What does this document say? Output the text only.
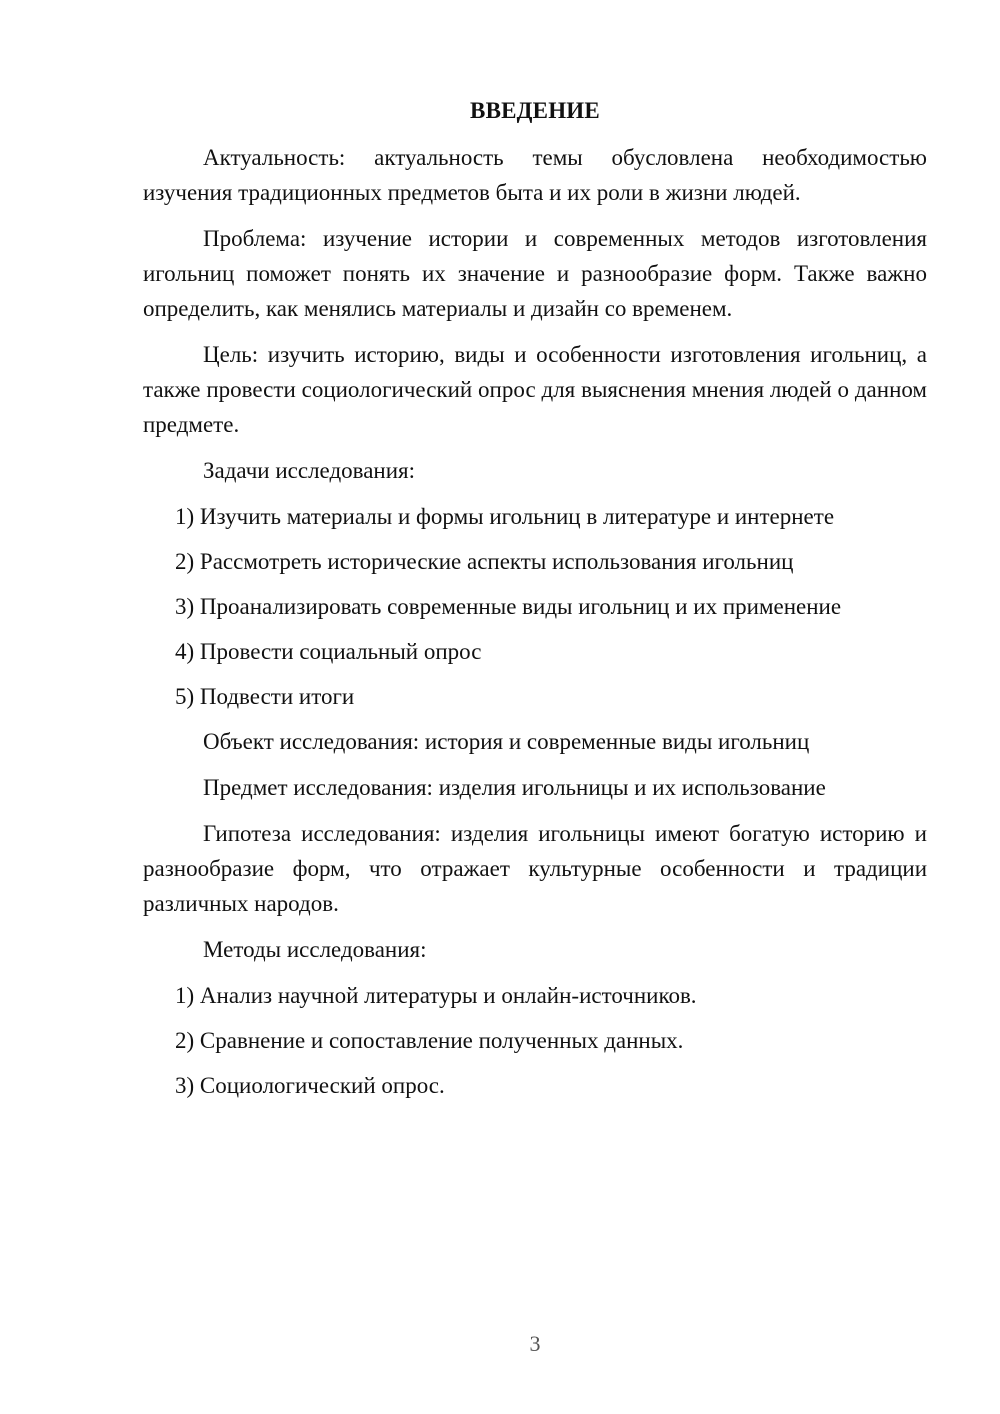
ВВЕДЕНИЕ
Актуальность: актуальность темы обусловлена необходимостью изучения традиционных предметов быта и их роли в жизни людей.
Проблема: изучение истории и современных методов изготовления игольниц поможет понять их значение и разнообразие форм. Также важно определить, как менялись материалы и дизайн со временем.
Цель: изучить историю, виды и особенности изготовления игольниц, а также провести социологический опрос для выяснения мнения людей о данном предмете.
Задачи исследования:
1) Изучить материалы и формы игольниц в литературе и интернете
2) Рассмотреть исторические аспекты использования игольниц
3) Проанализировать современные виды игольниц и их применение
4) Провести социальный опрос
5) Подвести итоги
Объект исследования: история и современные виды игольниц
Предмет исследования: изделия игольницы и их использование
Гипотеза исследования: изделия игольницы имеют богатую историю и разнообразие форм, что отражает культурные особенности и традиции различных народов.
Методы исследования:
1) Анализ научной литературы и онлайн-источников.
2) Сравнение и сопоставление полученных данных.
3) Социологический опрос.
3
